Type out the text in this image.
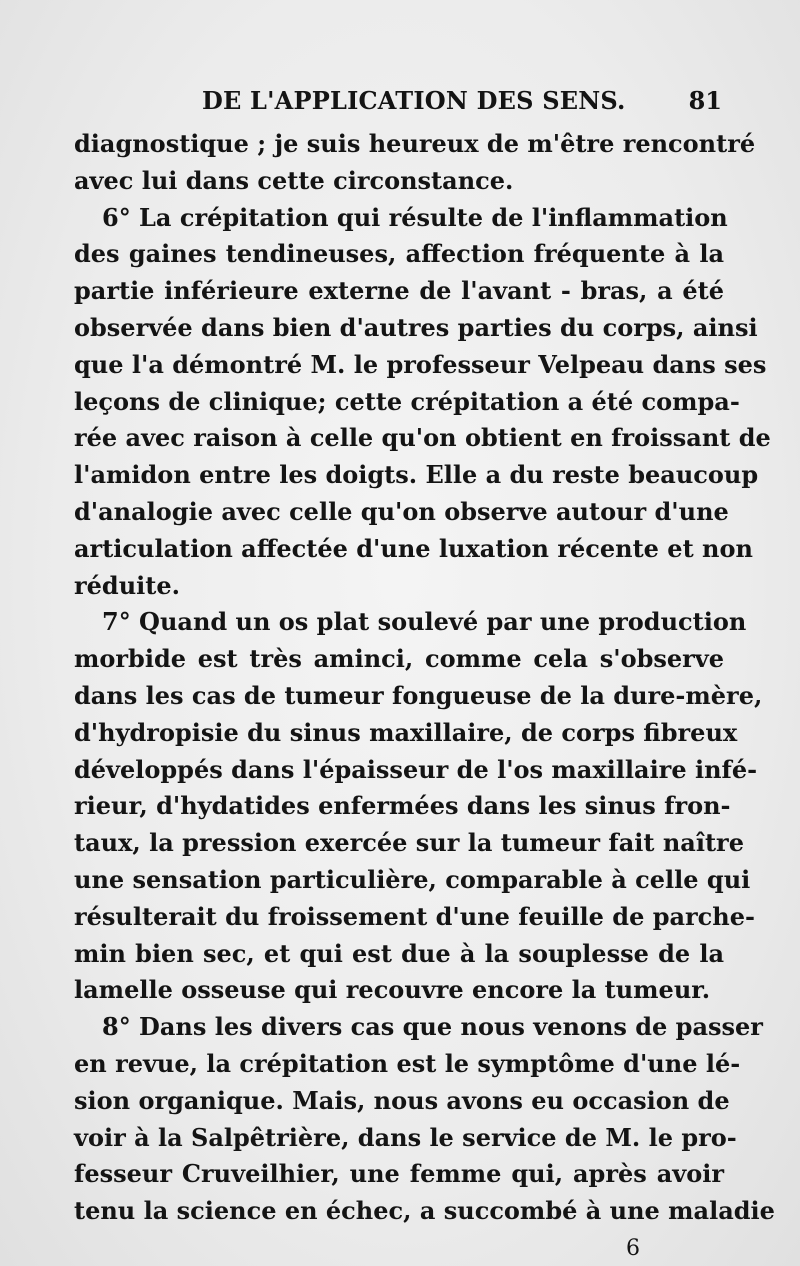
DE L'APPLICATION DES SENS.	81
diagnostique ; je suis heureux de m'être rencontré
avec lui dans cette circonstance.
6° La crépitation qui résulte de l'inflammation
des gaines tendineuses, affection fréquente à la
partie inférieure externe de l'avant - bras, a été
observée dans bien d'autres parties du corps, ainsi
que l'a démontré M. le professeur Velpeau dans ses
leçons de clinique; cette crépitation a été compa-
rée avec raison à celle qu'on obtient en froissant de
l'amidon entre les doigts. Elle a du reste beaucoup
d'analogie avec celle qu'on observe autour d'une
articulation affectée d'une luxation récente et non
réduite.
7° Quand un os plat soulevé par une production
morbide est très aminci, comme cela s'observe
dans les cas de tumeur fongueuse de la dure-mère,
d'hydropisie du sinus maxillaire, de corps fibreux
développés dans l'épaisseur de l'os maxillaire infé-
rieur, d'hydatides enfermées dans les sinus fron-
taux, la pression exercée sur la tumeur fait naître
une sensation particulière, comparable à celle qui
résulterait du froissement d'une feuille de parche-
min bien sec, et qui est due à la souplesse de la
lamelle osseuse qui recouvre encore la tumeur.
8° Dans les divers cas que nous venons de passer
en revue, la crépitation est le symptôme d'une lé-
sion organique. Mais, nous avons eu occasion de
voir à la Salpêtrière, dans le service de M. le pro-
fesseur Cruveilhier, une femme qui, après avoir
tenu la science en échec, a succombé à une maladie
6
